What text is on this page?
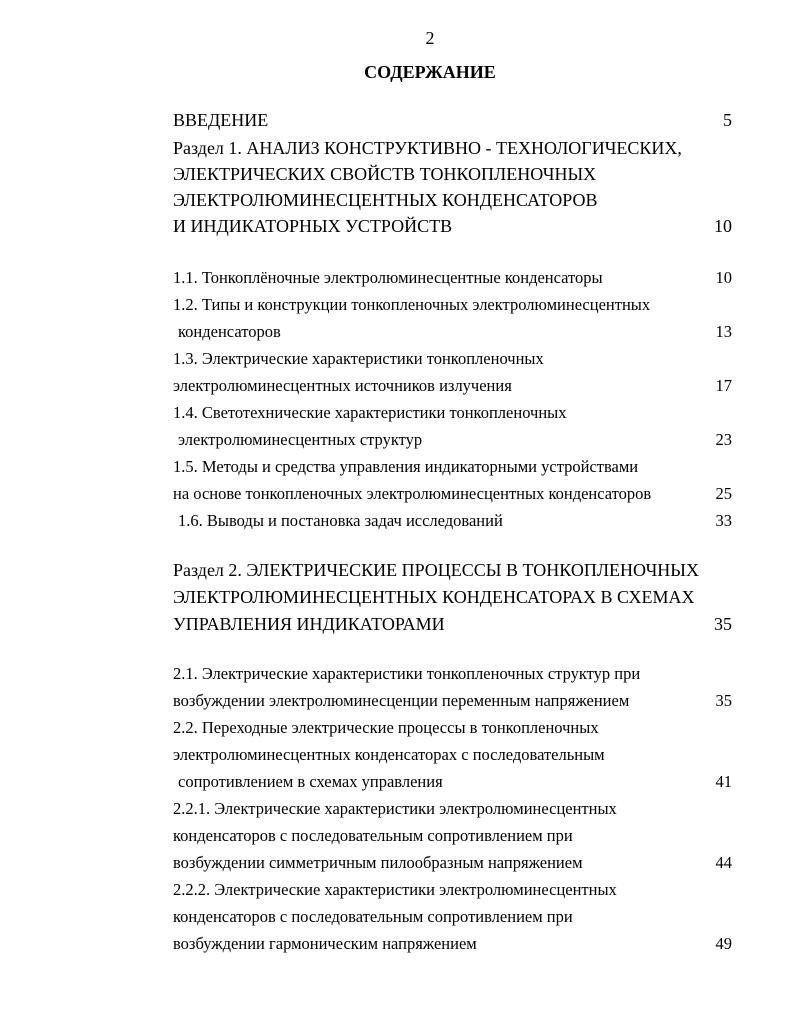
2
СОДЕРЖАНИЕ
ВВЕДЕНИЕ	5
Раздел 1. АНАЛИЗ КОНСТРУКТИВНО - ТЕХНОЛОГИЧЕСКИХ,
ЭЛЕКТРИЧЕСКИХ СВОЙСТВ ТОНКОПЛЕНОЧНЫХ
ЭЛЕКТРОЛЮМИНЕСЦЕНТНЫХ КОНДЕНСАТОРОВ
И ИНДИКАТОРНЫХ УСТРОЙСТВ	10
1.1. Тонкоплёночные электролюминесцентные конденсаторы	10
1.2. Типы и конструкции тонкопленочных электролюминесцентных
конденсаторов	13
1.3. Электрические характеристики тонкопленочных
электролюминесцентных источников излучения	17
1.4. Светотехнические характеристики тонкопленочных
электролюминесцентных структур	23
1.5. Методы и средства управления индикаторными устройствами
на основе тонкопленочных электролюминесцентных конденсаторов	25
1.6. Выводы и постановка задач исследований	33
Раздел 2. ЭЛЕКТРИЧЕСКИЕ ПРОЦЕССЫ В ТОНКОПЛЕНОЧНЫХ
ЭЛЕКТРОЛЮМИНЕСЦЕНТНЫХ КОНДЕНСАТОРАХ В СХЕМАХ
УПРАВЛЕНИЯ ИНДИКАТОРАМИ	35
2.1. Электрические характеристики тонкопленочных структур при
возбуждении электролюминесценции переменным напряжением	35
2.2. Переходные электрические процессы в тонкопленочных
электролюминесцентных конденсаторах с последовательным
сопротивлением в схемах управления	41
2.2.1. Электрические характеристики электролюминесцентных
конденсаторов с последовательным сопротивлением при
возбуждении симметричным пилообразным напряжением	44
2.2.2. Электрические характеристики электролюминесцентных
конденсаторов с последовательным сопротивлением при
возбуждении гармоническим напряжением	49
